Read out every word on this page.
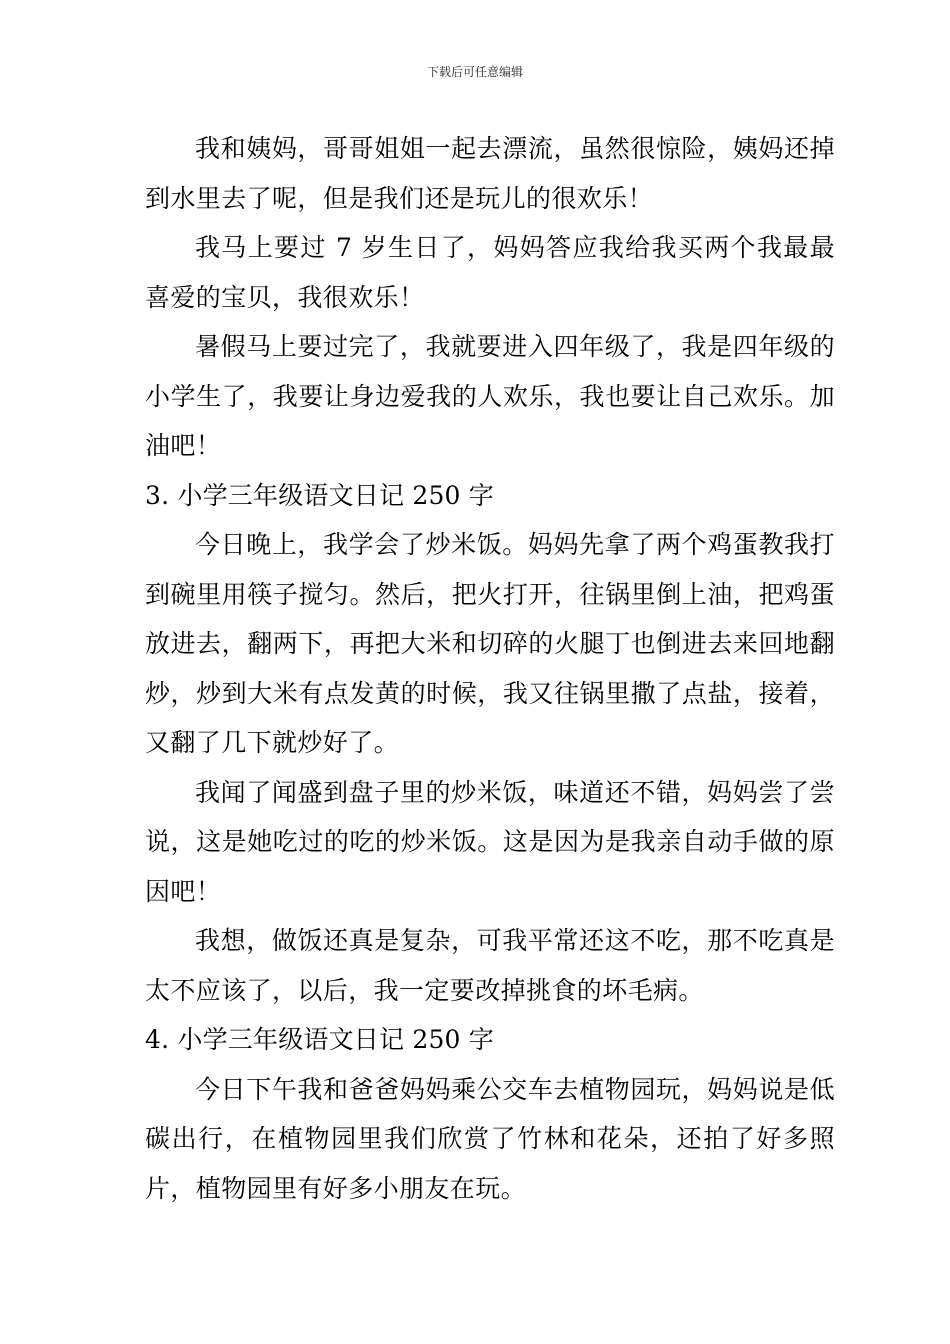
下载后可任意编辑

我和姨妈，哥哥姐姐一起去漂流，虽然很惊险，姨妈还掉到水里去了呢，但是我们还是玩儿的很欢乐！

我马上要过 7 岁生日了，妈妈答应我给我买两个我最最喜爱的宝贝，我很欢乐！

暑假马上要过完了，我就要进入四年级了，我是四年级的小学生了，我要让身边爱我的人欢乐，我也要让自己欢乐。加油吧！

3. 小学三年级语文日记 250 字

今日晚上，我学会了炒米饭。妈妈先拿了两个鸡蛋教我打 到碗里用筷子搅匀。然后，把火打开，往锅里倒上油，把鸡蛋放进去，翻两下，再把大米和切碎的火腿丁也倒进去来回地翻炒，炒到大米有点发黄的时候，我又往锅里撒了点盐，接着，又翻了几下就炒好了。

我闻了闻盛到盘子里的炒米饭，味道还不错，妈妈尝了尝说，这是她吃过的吃的炒米饭。这是因为是我亲自动手做的原因吧！

我想，做饭还真是复杂，可我平常还这不吃，那不吃真是太不应该了，以后，我一定要改掉挑食的坏毛病。

4. 小学三年级语文日记 250 字

今日下午我和爸爸妈妈乘公交车去植物园玩，妈妈说是低碳出行，在植物园里我们欣赏了竹林和花朵，还拍了好多照片，植物园里有好多小朋友在玩。
